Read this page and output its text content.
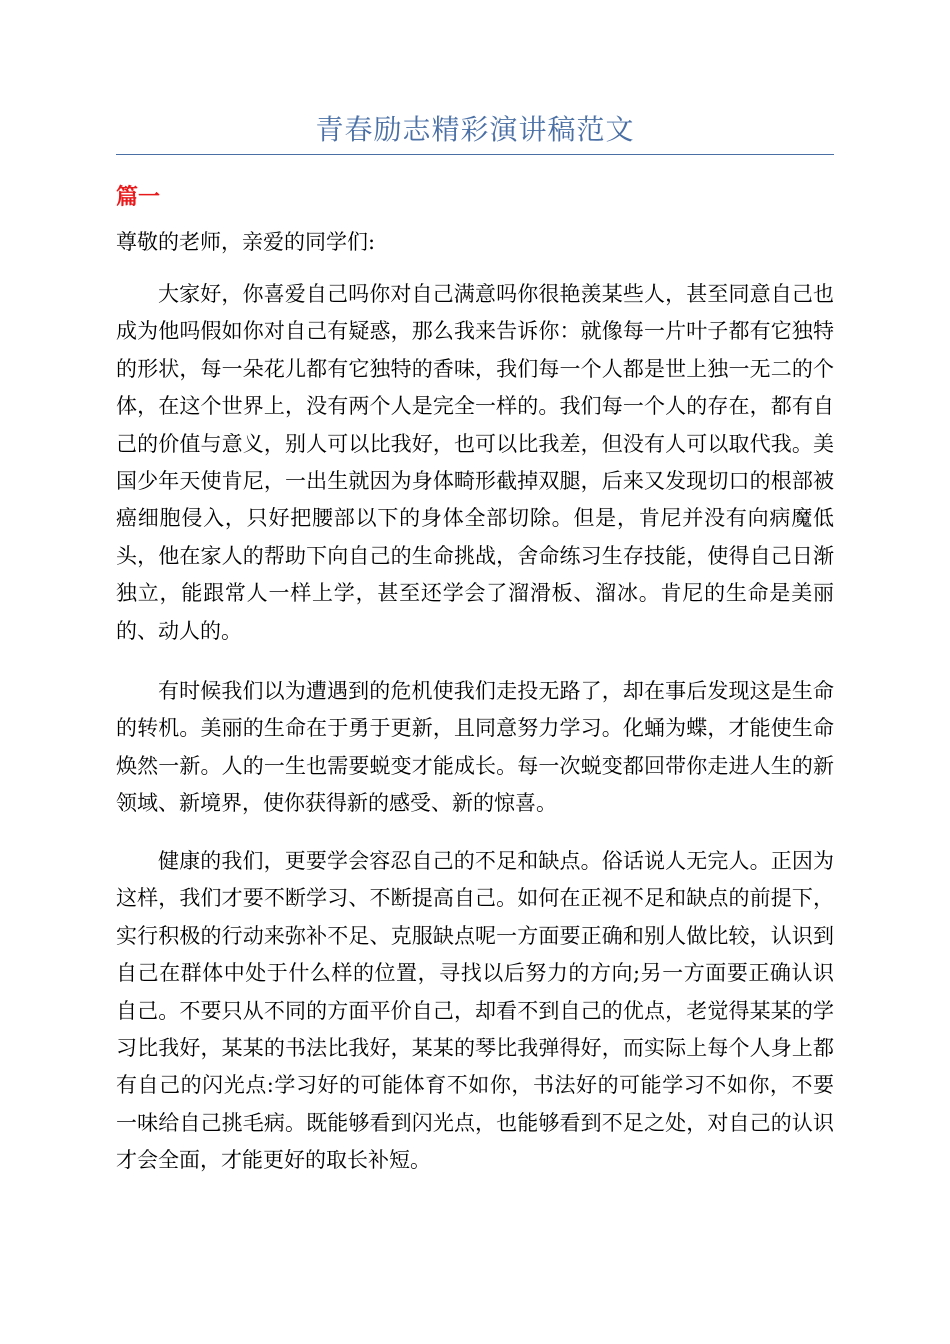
青春励志精彩演讲稿范文
篇一
尊敬的老师，亲爱的同学们:

大家好，你喜爱自己吗你对自己满意吗你很艳羡某些人，甚至同意自己也成为他吗假如你对自己有疑惑，那么我来告诉你：就像每一片叶子都有它独特的形状，每一朵花儿都有它独特的香味，我们每一个人都是世上独一无二的个体，在这个世界上，没有两个人是完全一样的。我们每一个人的存在，都有自己的价值与意义，别人可以比我好，也可以比我差，但没有人可以取代我。美国少年天使肯尼，一出生就因为身体畸形截掉双腿，后来又发现切口的根部被癌细胞侵入，只好把腰部以下的身体全部切除。但是，肯尼并没有向病魔低头，他在家人的帮助下向自己的生命挑战，舍命练习生存技能，使得自己日渐独立，能跟常人一样上学，甚至还学会了溜滑板、溜冰。肯尼的生命是美丽的、动人的。

有时候我们以为遭遇到的危机使我们走投无路了，却在事后发现这是生命的转机。美丽的生命在于勇于更新，且同意努力学习。化蛹为蝶，才能使生命焕然一新。人的一生也需要蜕变才能成长。每一次蜕变都回带你走进人生的新领域、新境界，使你获得新的感受、新的惊喜。

健康的我们，更要学会容忍自己的不足和缺点。俗话说人无完人。正因为这样，我们才要不断学习、不断提高自己。如何在正视不足和缺点的前提下，实行积极的行动来弥补不足、克服缺点呢一方面要正确和别人做比较，认识到自己在群体中处于什么样的位置，寻找以后努力的方向;另一方面要正确认识自己。不要只从不同的方面平价自己，却看不到自己的优点，老觉得某某的学习比我好，某某的书法比我好，某某的琴比我弹得好，而实际上每个人身上都有自己的闪光点:学习好的可能体育不如你，书法好的可能学习不如你，不要一味给自己挑毛病。既能够看到闪光点，也能够看到不足之处，对自己的认识才会全面，才能更好的取长补短。
